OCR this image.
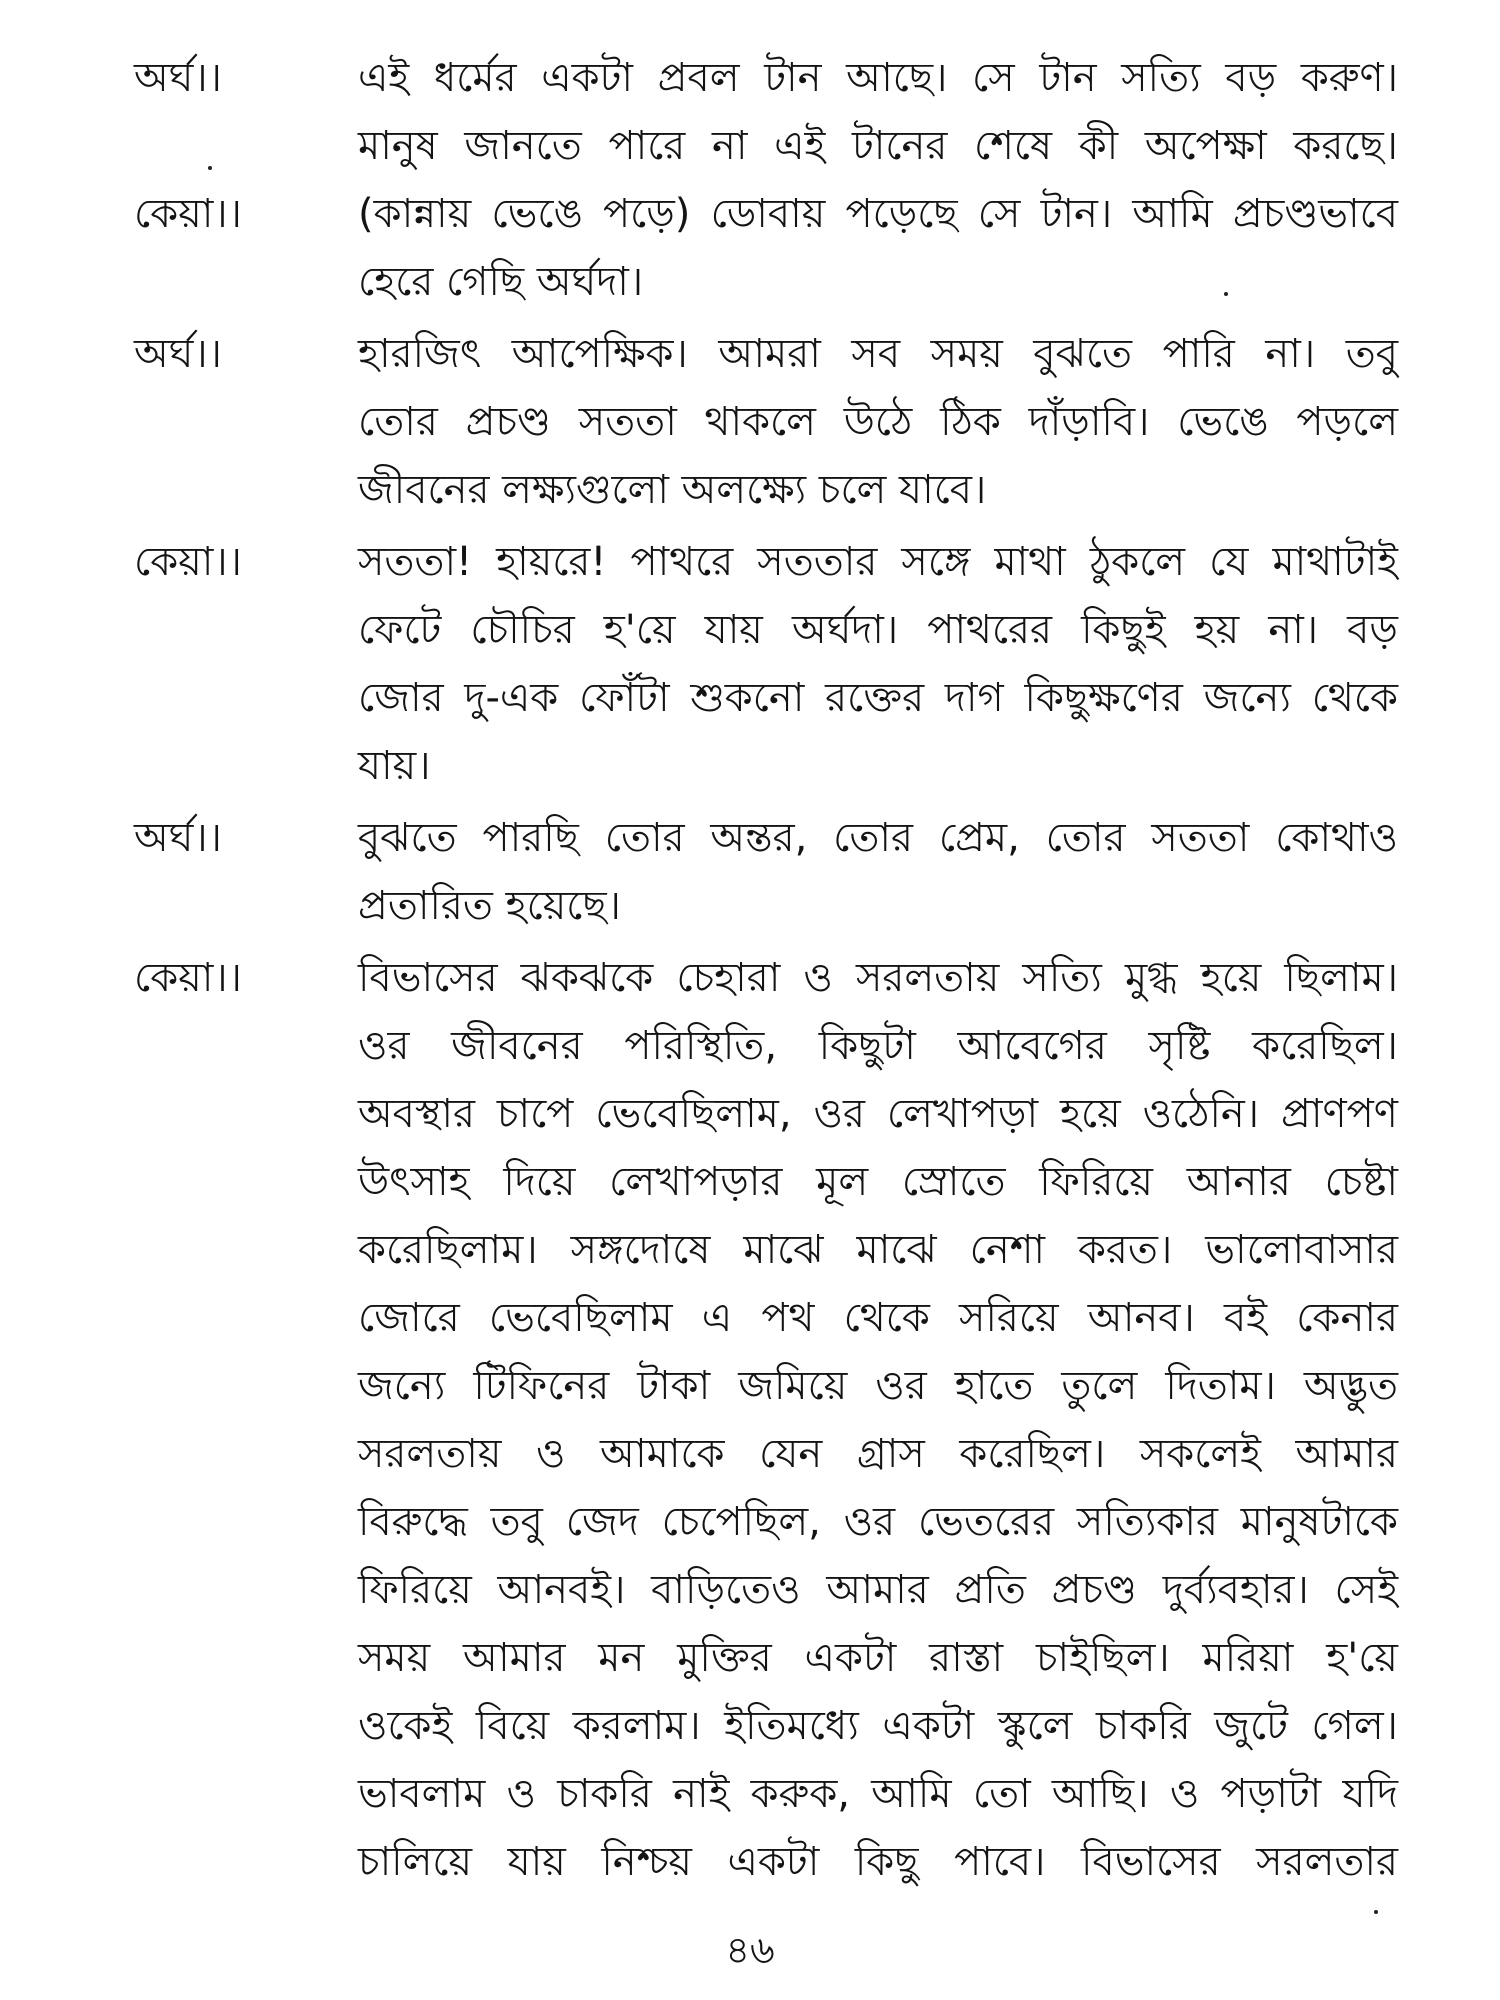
অর্ঘ।।	এই ধর্মের একটা প্রবল টান আছে। সে টান সত্যি বড় করুণ।
মানুষ জানতে পারে না এই টানের শেষে কী অপেক্ষা করছে।
কেয়া।।	(কান্নায় ভেঙে পড়ে) ডোবায় পড়েছে সে টান। আমি প্রচণ্ডভাবে
হেরে গেছি অর্ঘদা।
অর্ঘ।।	হারজিৎ আপেক্ষিক। আমরা সব সময় বুঝতে পারি না। তবু
তোর প্রচণ্ড সততা থাকলে উঠে ঠিক দাঁড়াবি। ভেঙে পড়লে
জীবনের লক্ষ্যগুলো অলক্ষ্যে চলে যাবে।
কেয়া।।	সততা! হায়রে! পাথরে সততার সঙ্গে মাথা ঠুকলে যে মাথাটাই
ফেটে চৌচির হ'য়ে যায় অর্ঘদা। পাথরের কিছুই হয় না। বড়
জোর দু-এক ফোঁটা শুকনো রক্তের দাগ কিছুক্ষণের জন্যে থেকে
যায়।
অর্ঘ।।	বুঝতে পারছি তোর অন্তর, তোর প্রেম, তোর সততা কোথাও
প্রতারিত হয়েছে।
কেয়া।।	বিভাসের ঝকঝকে চেহারা ও সরলতায় সত্যি মুগ্ধ হয়ে ছিলাম।
ওর জীবনের পরিস্থিতি, কিছুটা আবেগের সৃষ্টি করেছিল।
অবস্থার চাপে ভেবেছিলাম, ওর লেখাপড়া হয়ে ওঠেনি। প্রাণপণ
উৎসাহ দিয়ে লেখাপড়ার মূল স্রোতে ফিরিয়ে আনার চেষ্টা
করেছিলাম। সঙ্গদোষে মাঝে মাঝে নেশা করত। ভালোবাসার
জোরে ভেবেছিলাম এ পথ থেকে সরিয়ে আনব। বই কেনার
জন্যে টিফিনের টাকা জমিয়ে ওর হাতে তুলে দিতাম। অদ্ভুত
সরলতায় ও আমাকে যেন গ্রাস করেছিল। সকলেই আমার
বিরুদ্ধে তবু জেদ চেপেছিল, ওর ভেতরের সত্যিকার মানুষটাকে
ফিরিয়ে আনবই। বাড়িতেও আমার প্রতি প্রচণ্ড দুর্ব্যবহার। সেই
সময় আমার মন মুক্তির একটা রাস্তা চাইছিল। মরিয়া হ'য়ে
ওকেই বিয়ে করলাম। ইতিমধ্যে একটা স্কুলে চাকরি জুটে গেল।
ভাবলাম ও চাকরি নাই করুক, আমি তো আছি। ও পড়াটা যদি
চালিয়ে যায় নিশ্চয় একটা কিছু পাবে। বিভাসের সরলতার
৪৬
